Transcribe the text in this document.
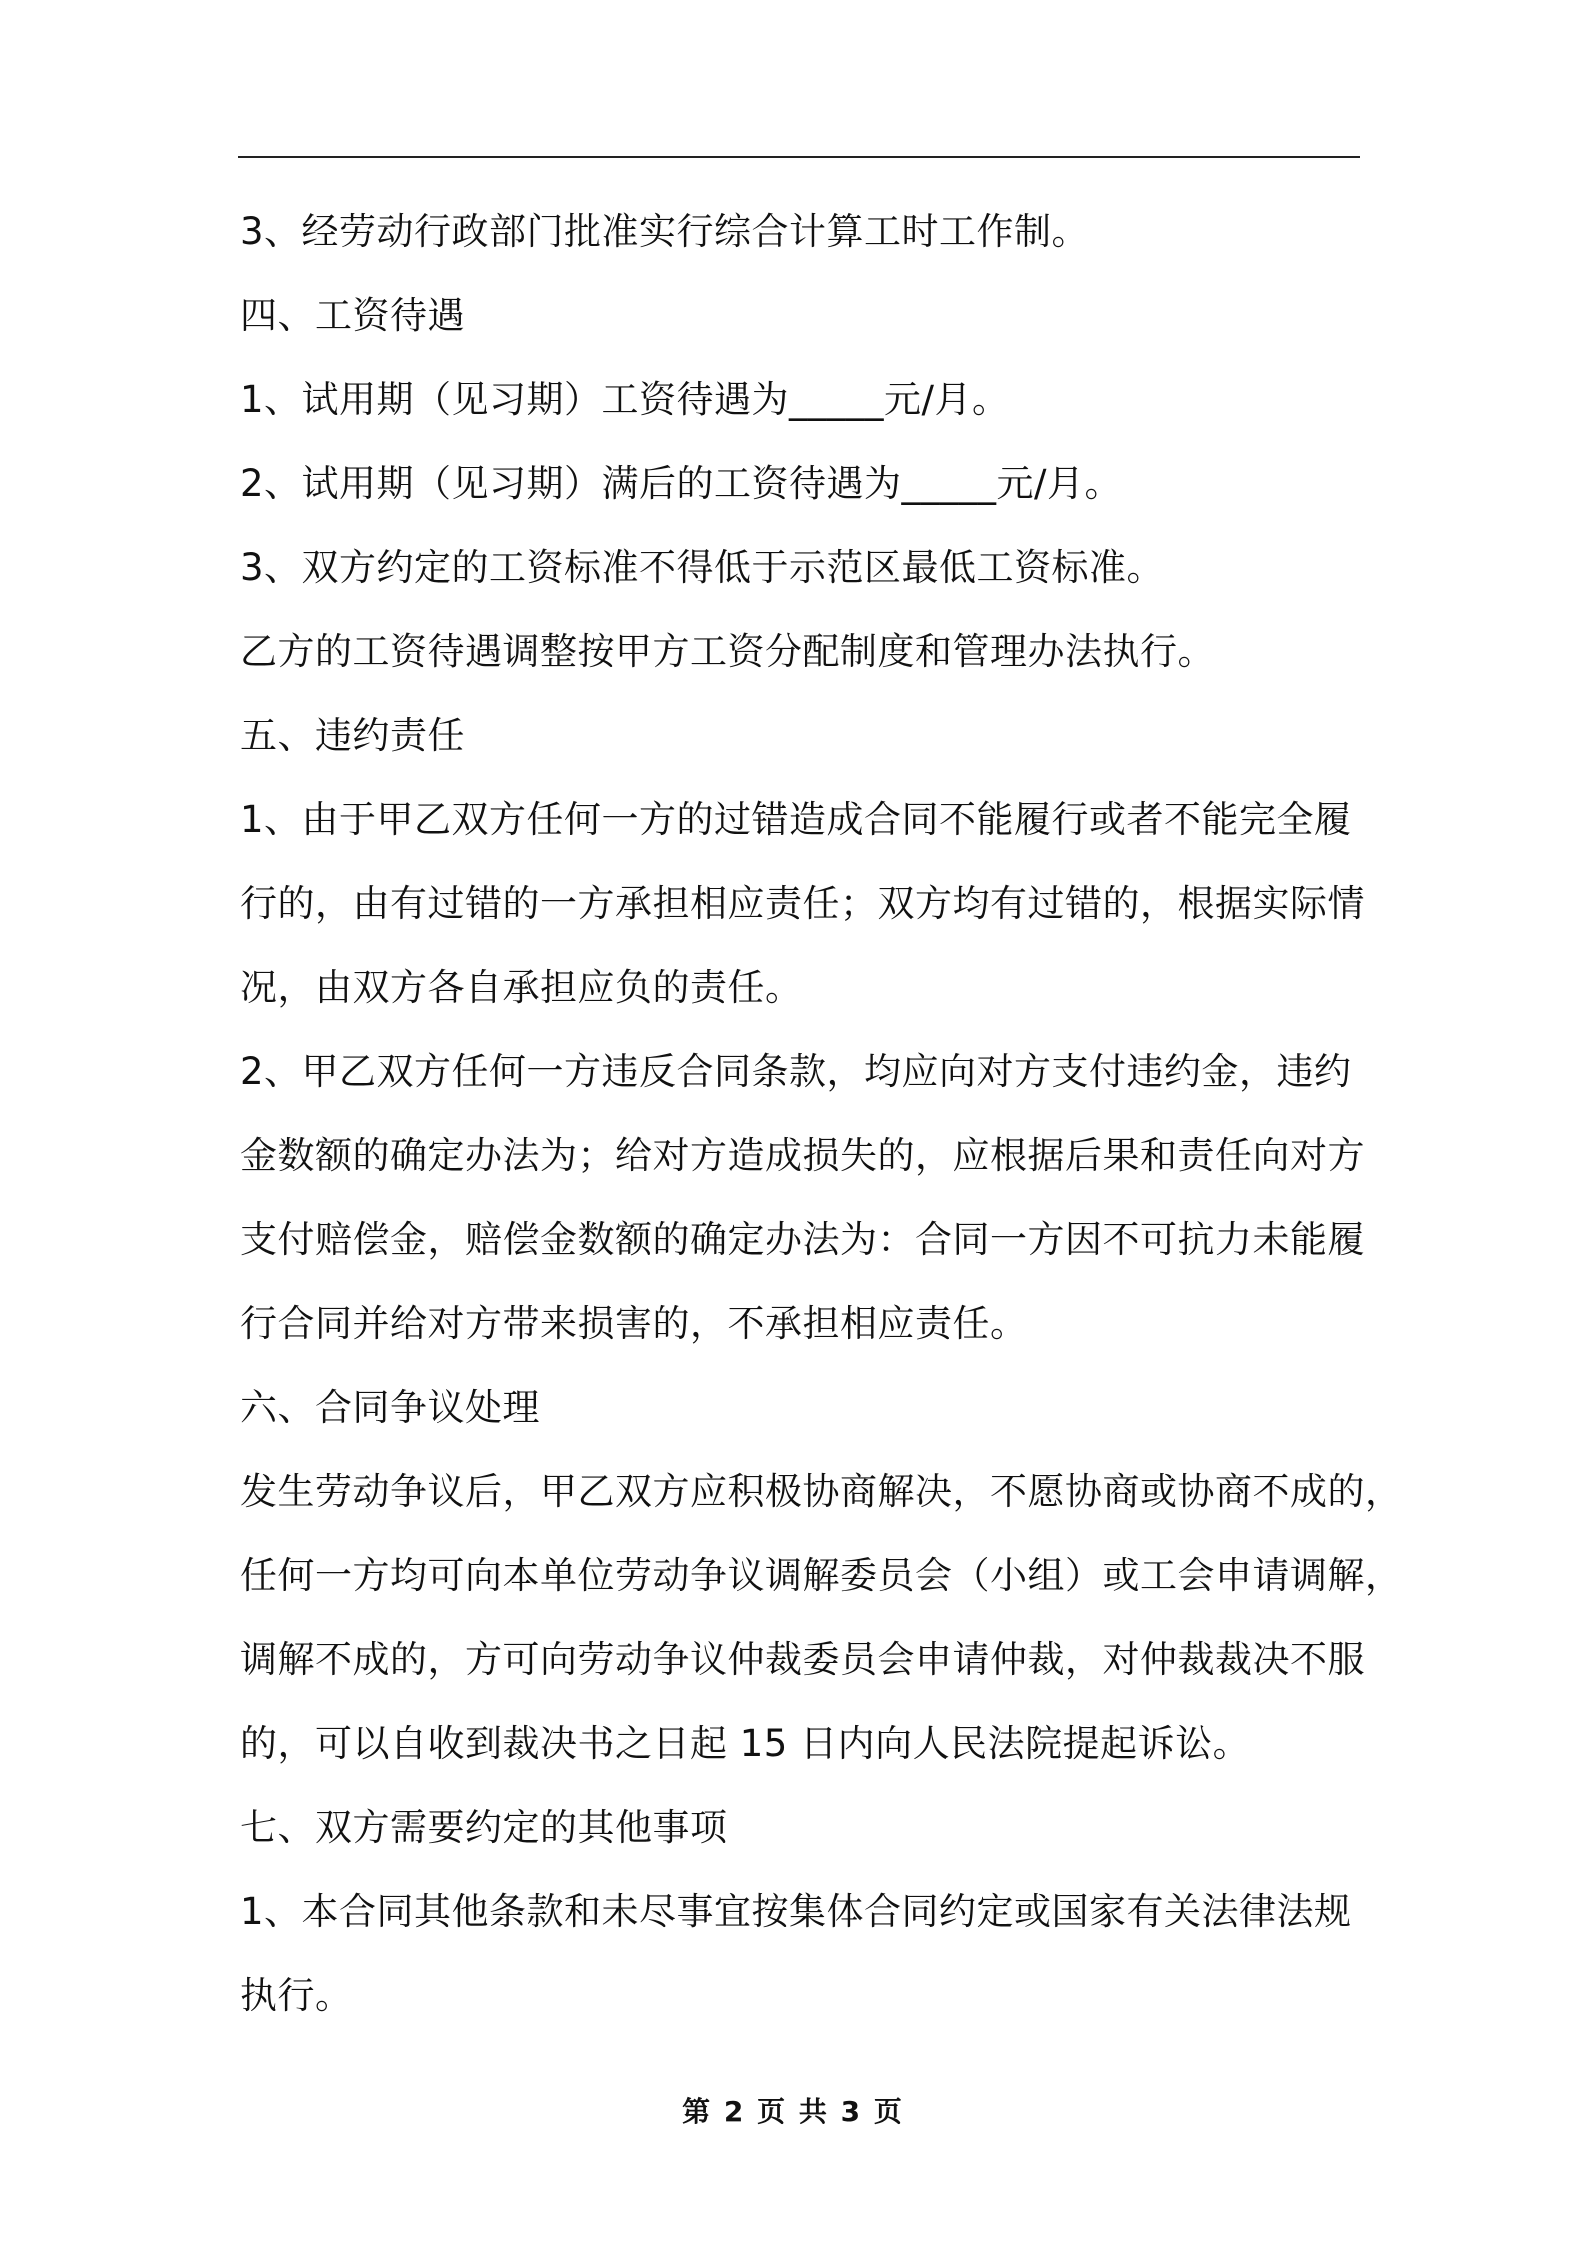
3、经劳动行政部门批准实行综合计算工时工作制。
四、工资待遇
1、试用期（见习期）工资待遇为_____元/月。
2、试用期（见习期）满后的工资待遇为_____元/月。
3、双方约定的工资标准不得低于示范区最低工资标准。
乙方的工资待遇调整按甲方工资分配制度和管理办法执行。
五、违约责任
1、由于甲乙双方任何一方的过错造成合同不能履行或者不能完全履
行的，由有过错的一方承担相应责任；双方均有过错的，根据实际情
况，由双方各自承担应负的责任。
2、甲乙双方任何一方违反合同条款，均应向对方支付违约金，违约
金数额的确定办法为；给对方造成损失的，应根据后果和责任向对方
支付赔偿金，赔偿金数额的确定办法为：合同一方因不可抗力未能履
行合同并给对方带来损害的，不承担相应责任。
六、合同争议处理
发生劳动争议后，甲乙双方应积极协商解决，不愿协商或协商不成的，
任何一方均可向本单位劳动争议调解委员会（小组）或工会申请调解，
调解不成的，方可向劳动争议仲裁委员会申请仲裁，对仲裁裁决不服
的，可以自收到裁决书之日起 15 日内向人民法院提起诉讼。
七、双方需要约定的其他事项
1、本合同其他条款和未尽事宜按集体合同约定或国家有关法律法规
执行。
第 2 页 共 3 页
